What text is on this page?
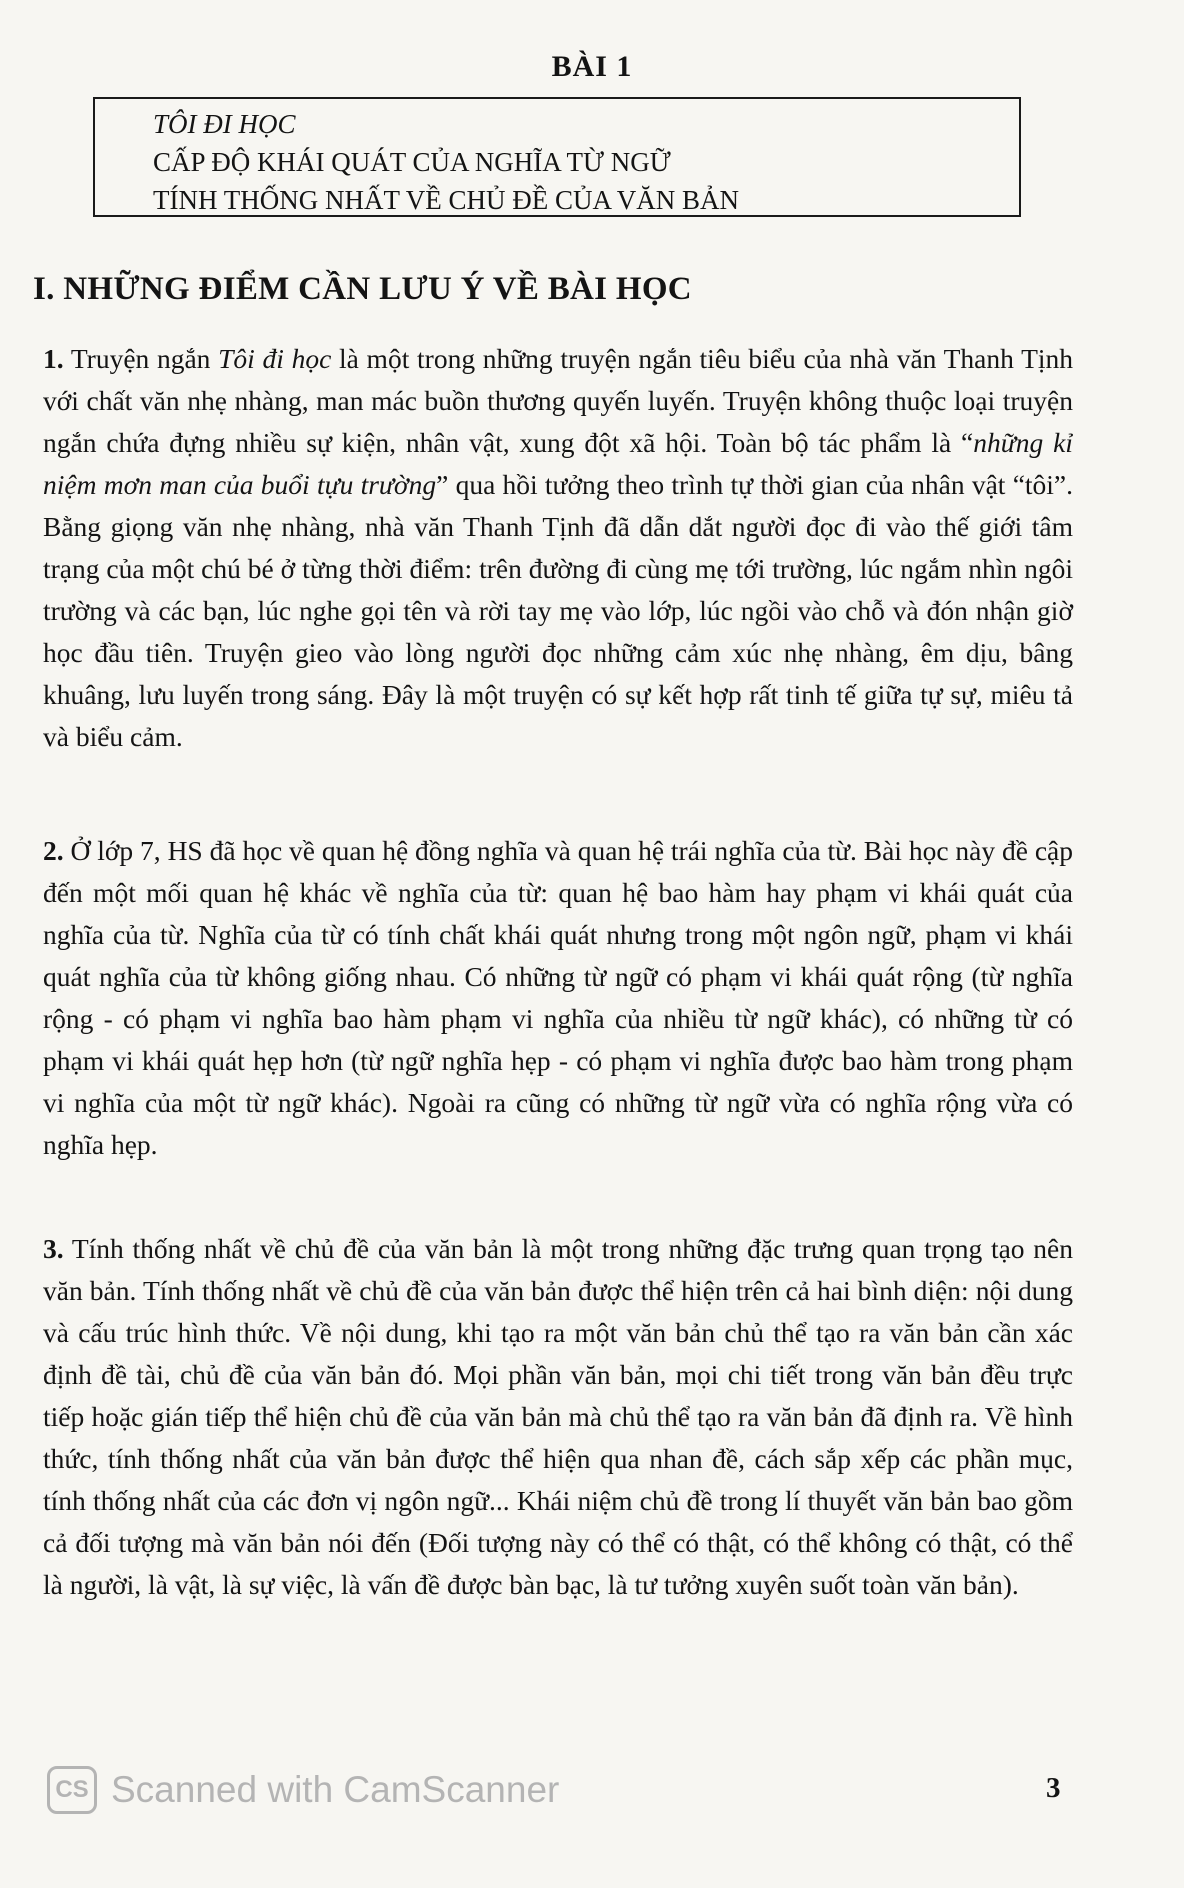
BÀI 1
TÔI ĐI HỌC
CẤP ĐỘ KHÁI QUÁT CỦA NGHĨA TỪ NGỮ
TÍNH THỐNG NHẤT VỀ CHỦ ĐỀ CỦA VĂN BẢN
I. NHỮNG ĐIỂM CẦN LƯU Ý VỀ BÀI HỌC
1. Truyện ngắn Tôi đi học là một trong những truyện ngắn tiêu biểu của nhà văn Thanh Tịnh với chất văn nhẹ nhàng, man mác buồn thương quyến luyến. Truyện không thuộc loại truyện ngắn chứa đựng nhiều sự kiện, nhân vật, xung đột xã hội. Toàn bộ tác phẩm là “những kỉ niệm mơn man của buổi tựu trường” qua hồi tưởng theo trình tự thời gian của nhân vật “tôi”. Bằng giọng văn nhẹ nhàng, nhà văn Thanh Tịnh đã dẫn dắt người đọc đi vào thế giới tâm trạng của một chú bé ở từng thời điểm: trên đường đi cùng mẹ tới trường, lúc ngắm nhìn ngôi trường và các bạn, lúc nghe gọi tên và rời tay mẹ vào lớp, lúc ngồi vào chỗ và đón nhận giờ học đầu tiên. Truyện gieo vào lòng người đọc những cảm xúc nhẹ nhàng, êm dịu, bâng khuâng, lưu luyến trong sáng. Đây là một truyện có sự kết hợp rất tinh tế giữa tự sự, miêu tả và biểu cảm.
2. Ở lớp 7, HS đã học về quan hệ đồng nghĩa và quan hệ trái nghĩa của từ. Bài học này đề cập đến một mối quan hệ khác về nghĩa của từ: quan hệ bao hàm hay phạm vi khái quát của nghĩa của từ. Nghĩa của từ có tính chất khái quát nhưng trong một ngôn ngữ, phạm vi khái quát nghĩa của từ không giống nhau. Có những từ ngữ có phạm vi khái quát rộng (từ nghĩa rộng - có phạm vi nghĩa bao hàm phạm vi nghĩa của nhiều từ ngữ khác), có những từ có phạm vi khái quát hẹp hơn (từ ngữ nghĩa hẹp - có phạm vi nghĩa được bao hàm trong phạm vi nghĩa của một từ ngữ khác). Ngoài ra cũng có những từ ngữ vừa có nghĩa rộng vừa có nghĩa hẹp.
3. Tính thống nhất về chủ đề của văn bản là một trong những đặc trưng quan trọng tạo nên văn bản. Tính thống nhất về chủ đề của văn bản được thể hiện trên cả hai bình diện: nội dung và cấu trúc hình thức. Về nội dung, khi tạo ra một văn bản chủ thể tạo ra văn bản cần xác định đề tài, chủ đề của văn bản đó. Mọi phần văn bản, mọi chi tiết trong văn bản đều trực tiếp hoặc gián tiếp thể hiện chủ đề của văn bản mà chủ thể tạo ra văn bản đã định ra. Về hình thức, tính thống nhất của văn bản được thể hiện qua nhan đề, cách sắp xếp các phần mục, tính thống nhất của các đơn vị ngôn ngữ... Khái niệm chủ đề trong lí thuyết văn bản bao gồm cả đối tượng mà văn bản nói đến (Đối tượng này có thể có thật, có thể không có thật, có thể là người, là vật, là sự việc, là vấn đề được bàn bạc, là tư tưởng xuyên suốt toàn văn bản).
CS Scanned with CamScanner	3
